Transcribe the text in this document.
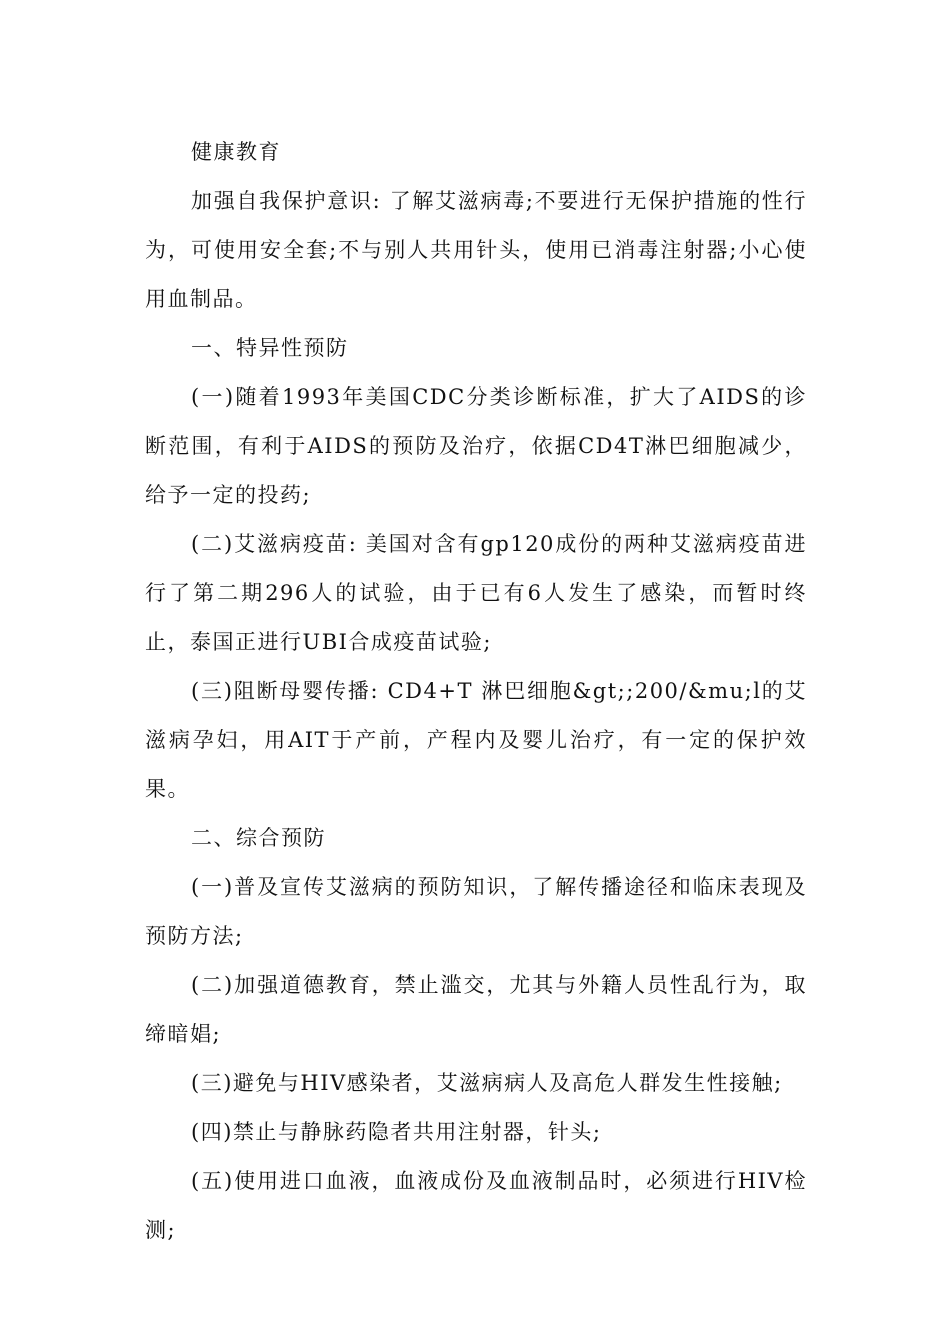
健康教育

加强自我保护意识: 了解艾滋病毒;不要进行无保护措施的性行为，可使用安全套;不与别人共用针头，使用已消毒注射器;小心使用血制品。

一、特异性预防

(一)随着1993年美国CDC分类诊断标准，扩大了AIDS的诊断范围，有利于AIDS的预防及治疗，依据CD4T淋巴细胞减少，给予一定的投药;

(二)艾滋病疫苗: 美国对含有gp120成份的两种艾滋病疫苗进行了第二期296人的试验，由于已有6人发生了感染，而暂时终止，泰国正进行UBI合成疫苗试验;

(三)阻断母婴传播: CD4+T 淋巴细胞&gt;;200/&mu;l的艾滋病孕妇，用AIT于产前，产程内及婴儿治疗，有一定的保护效果。

二、综合预防

(一)普及宣传艾滋病的预防知识，了解传播途径和临床表现及预防方法;

(二)加强道德教育，禁止滥交，尤其与外籍人员性乱行为，取缔暗娼;

(三)避免与HIV感染者，艾滋病病人及高危人群发生性接触;

(四)禁止与静脉药隐者共用注射器，针头;

(五)使用进口血液，血液成份及血液制品时，必须进行HIV检测;
